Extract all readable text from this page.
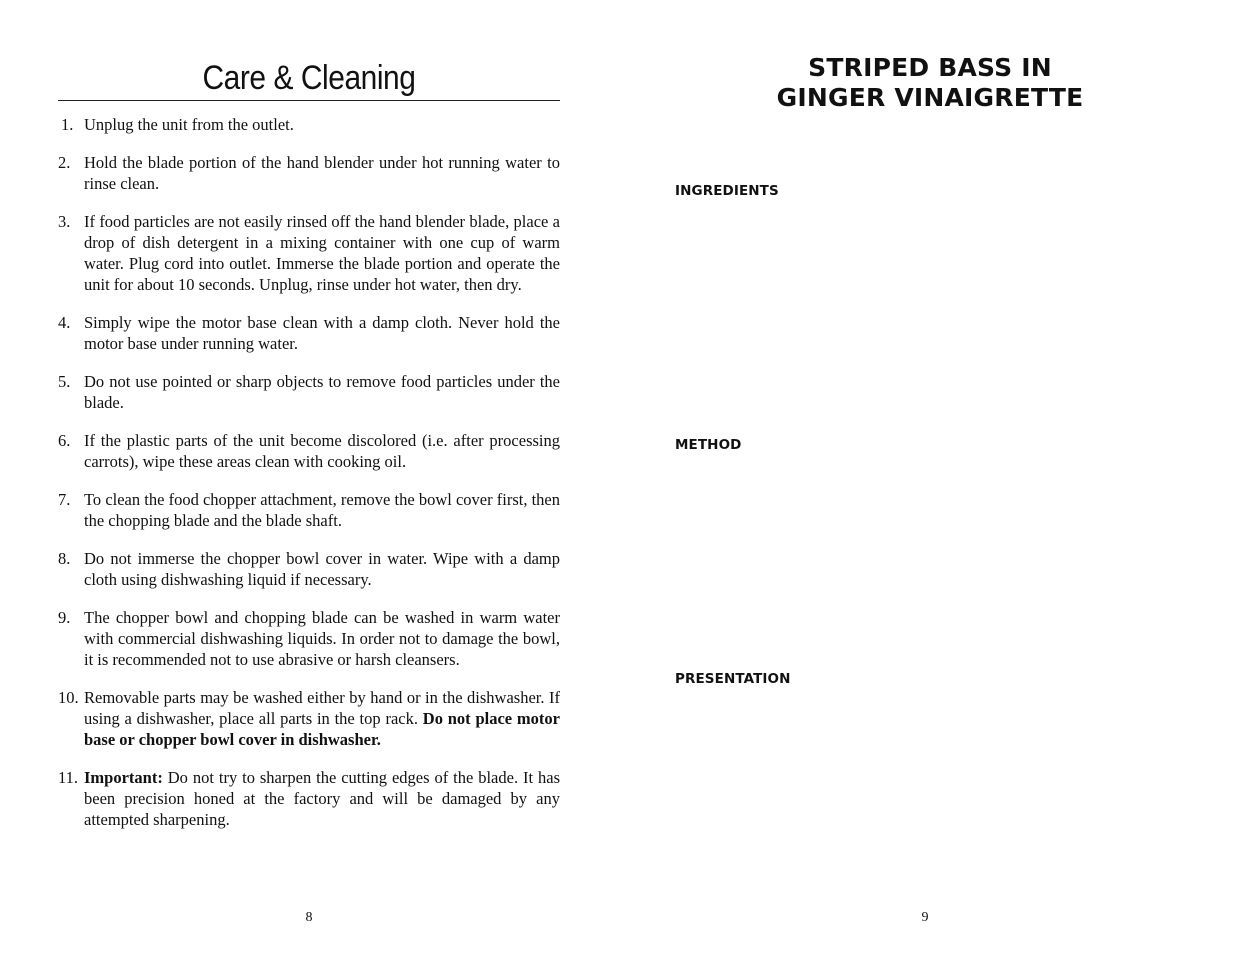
Care & Cleaning
1. Unplug the unit from the outlet.
2. Hold the blade portion of the hand blender under hot running water to rinse clean.
3. If food particles are not easily rinsed off the hand blender blade, place a drop of dish detergent in a mixing container with one cup of warm water. Plug cord into outlet. Immerse the blade portion and operate the unit for about 10 seconds. Unplug, rinse under hot water, then dry.
4. Simply wipe the motor base clean with a damp cloth. Never hold the motor base under running water.
5. Do not use pointed or sharp objects to remove food particles under the blade.
6. If the plastic parts of the unit become discolored (i.e. after processing carrots), wipe these areas clean with cooking oil.
7. To clean the food chopper attachment, remove the bowl cover first, then the chopping blade and the blade shaft.
8. Do not immerse the chopper bowl cover in water. Wipe with a damp cloth using dishwashing liquid if necessary.
9. The chopper bowl and chopping blade can be washed in warm water with commercial dishwashing liquids. In order not to damage the bowl, it is recommended not to use abrasive or harsh cleansers.
10. Removable parts may be washed either by hand or in the dishwasher. If using a dishwasher, place all parts in the top rack. Do not place motor base or chopper bowl cover in dishwasher.
11. Important: Do not try to sharpen the cutting edges of the blade. It has been precision honed at the factory and will be damaged by any attempted sharpening.
8
STRIPED BASS IN
GINGER VINAIGRETTE
INGREDIENTS
METHOD
PRESENTATION
9
